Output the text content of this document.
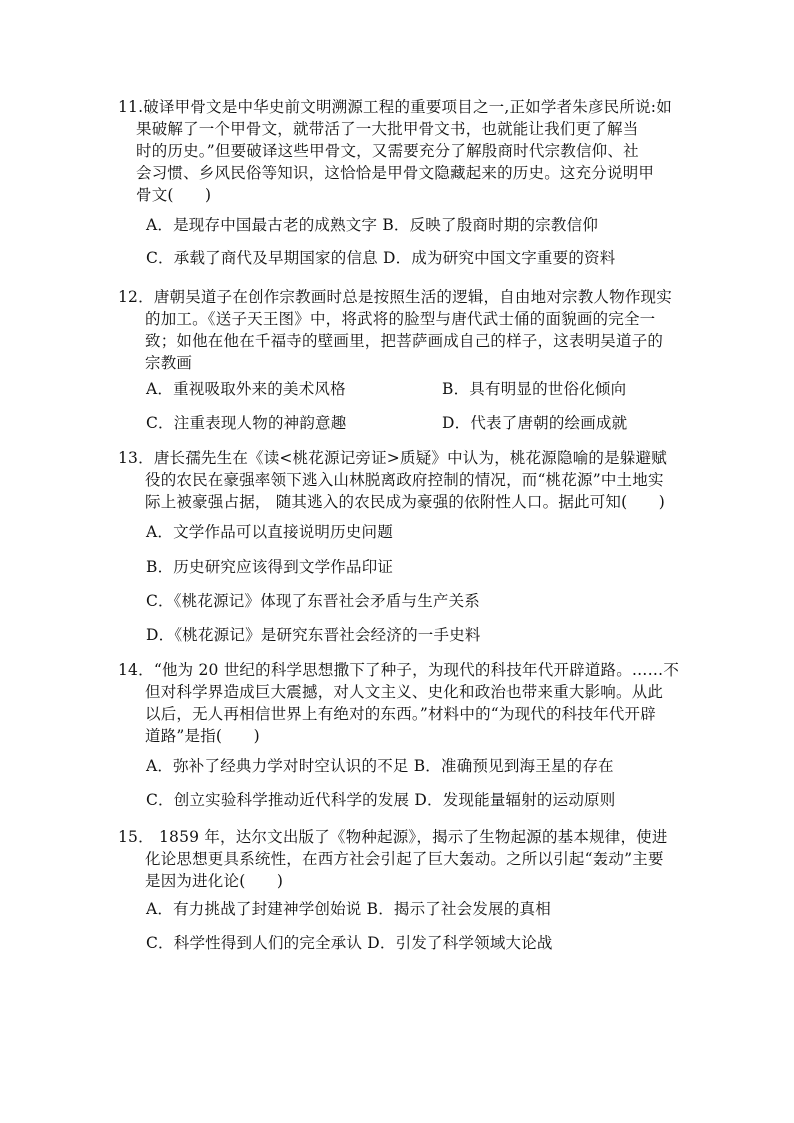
11.破译甲骨文是中华史前文明溯源工程的重要项目之一,正如学者朱彦民所说:如
果破解了一个甲骨文，就带活了一大批甲骨文书，也就能让我们更了解当
时的历史。”但要破译这些甲骨文，又需要充分了解殷商时代宗教信仰、社
会习惯、乡风民俗等知识，这恰恰是甲骨文隐藏起来的历史。这充分说明甲
骨文(　　)
A．是现存中国最古老的成熟文字 B．反映了殷商时期的宗教信仰
C．承载了商代及早期国家的信息 D．成为研究中国文字重要的资料
12．唐朝吴道子在创作宗教画时总是按照生活的逻辑，自由地对宗教人物作现实
的加工。《送子天王图》中，将武将的脸型与唐代武士俑的面貌画的完全一
致；如他在他在千福寺的壁画里，把菩萨画成自己的样子，这表明吴道子的
宗教画
A．重视吸取外来的美术风格	B．具有明显的世俗化倾向
C．注重表现人物的神韵意趣	D．代表了唐朝的绘画成就
13．唐长孺先生在《读<桃花源记旁证>质疑》中认为，桃花源隐喻的是躲避赋
役的农民在豪强率领下逃入山林脱离政府控制的情况，而“桃花源”中土地实
际上被豪强占据， 随其逃入的农民成为豪强的依附性人口。据此可知(　　)
A．文学作品可以直接说明历史问题
B．历史研究应该得到文学作品印证
C．《桃花源记》体现了东晋社会矛盾与生产关系
D．《桃花源记》是研究东晋社会经济的一手史料
14．“他为 20 世纪的科学思想撒下了种子，为现代的科技年代开辟道路。……不
但对科学界造成巨大震撼，对人文主义、史化和政治也带来重大影响。从此
以后，无人再相信世界上有绝对的东西。”材料中的“为现代的科技年代开辟
道路”是指(　　)
A．弥补了经典力学对时空认识的不足 B．准确预见到海王星的存在
C．创立实验科学推动近代科学的发展 D．发现能量辐射的运动原则
15． 1859 年，达尔文出版了《物种起源》，揭示了生物起源的基本规律，使进
化论思想更具系统性，在西方社会引起了巨大轰动。之所以引起“轰动”主要
是因为进化论(　　)
A．有力挑战了封建神学创始说 B．揭示了社会发展的真相
C．科学性得到人们的完全承认 D．引发了科学领域大论战
